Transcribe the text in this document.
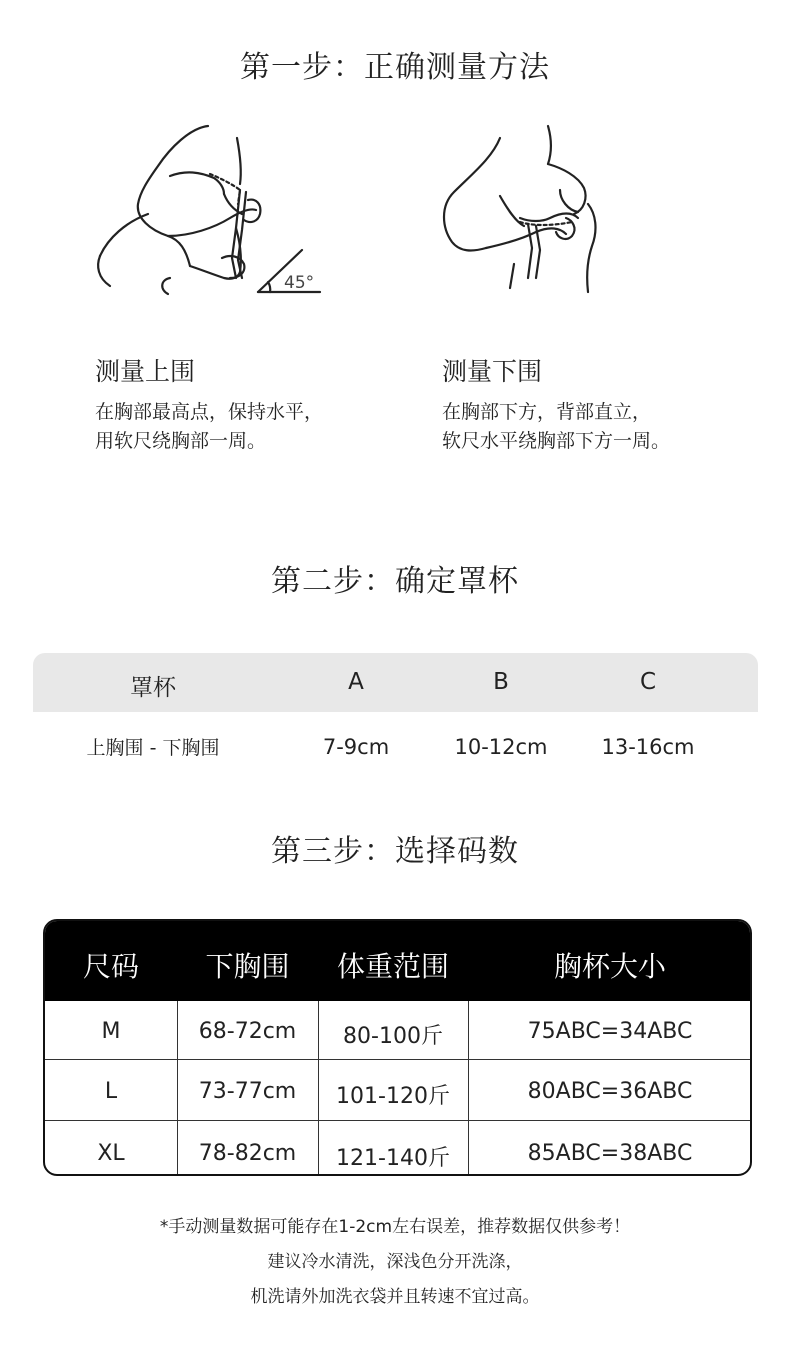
第一步：正确测量方法
45°
测量上围
在胸部最高点，保持水平，
用软尺绕胸部一周。
测量下围
在胸部下方，背部直立，
软尺水平绕胸部下方一周。
第二步：确定罩杯
罩杯	A	B	C
上胸围 - 下胸围	7-9cm	10-12cm	13-16cm
第三步：选择码数
尺码	下胸围	体重范围	胸杯大小
M	68-72cm	80-100斤	75ABC=34ABC
L	73-77cm	101-120斤	80ABC=36ABC
XL	78-82cm	121-140斤	85ABC=38ABC
*手动测量数据可能存在1-2cm左右误差，推荐数据仅供参考！
建议冷水清洗，深浅色分开洗涤，
机洗请外加洗衣袋并且转速不宜过高。
